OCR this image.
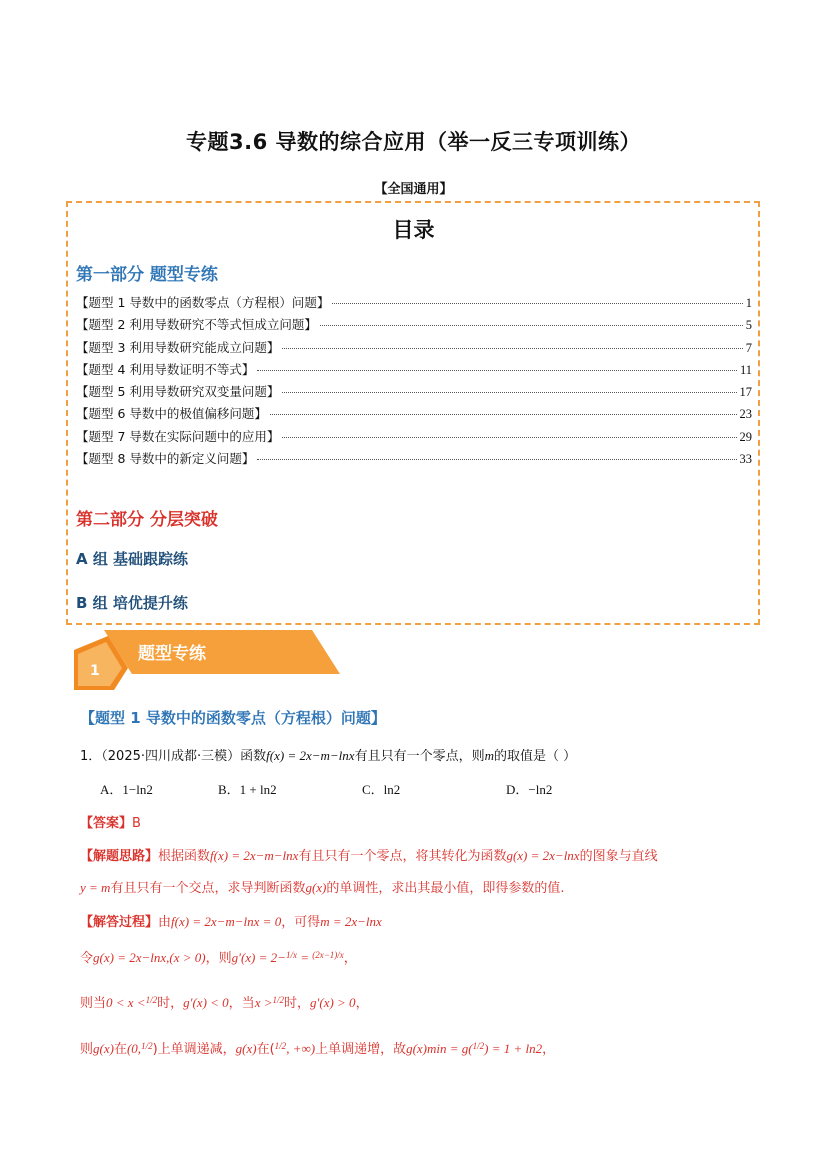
专题3.6 导数的综合应用（举一反三专项训练）
【全国通用】
目录
第一部分 题型专练
【题型 1 导数中的函数零点（方程根）问题】	1
【题型 2 利用导数研究不等式恒成立问题】	5
【题型 3 利用导数研究能成立问题】	7
【题型 4 利用导数证明不等式】	11
【题型 5 利用导数研究双变量问题】	17
【题型 6 导数中的极值偏移问题】	23
【题型 7 导数在实际问题中的应用】	29
【题型 8 导数中的新定义问题】	33
第二部分 分层突破
A 组 基础跟踪练
B 组 培优提升练
题型专练
1
【题型 1 导数中的函数零点（方程根）问题】
1．（2025·四川成都·三模）函数f(x) = 2x−m−lnx有且只有一个零点，则m的取值是（ ）
A．1−ln2	B．1 + ln2	C．ln2	D．−ln2
【答案】B
【解题思路】根据函数f(x) = 2x−m−lnx有且只有一个零点，将其转化为函数g(x) = 2x−lnx的图象与直线
y = m有且只有一个交点，求导判断函数g(x)的单调性，求出其最小值，即得参数的值.
【解答过程】由f(x) = 2x−m−lnx = 0，可得m = 2x−lnx
令g(x) = 2x−lnx,(x > 0)，则g′(x) = 2−$^{1/x}$ = $^{(2x-1)/x}$，
则当0 < x <$^{1/2}$时，g′(x) < 0，当x >$^{1/2}$时，g′(x) > 0，
则g(x)在(0,$^{1/2}$)上单调递减，g(x)在($^{1/2}$, +∞)上单调递增，故g(x)min = g($^{1/2}$) = 1 + ln2，
